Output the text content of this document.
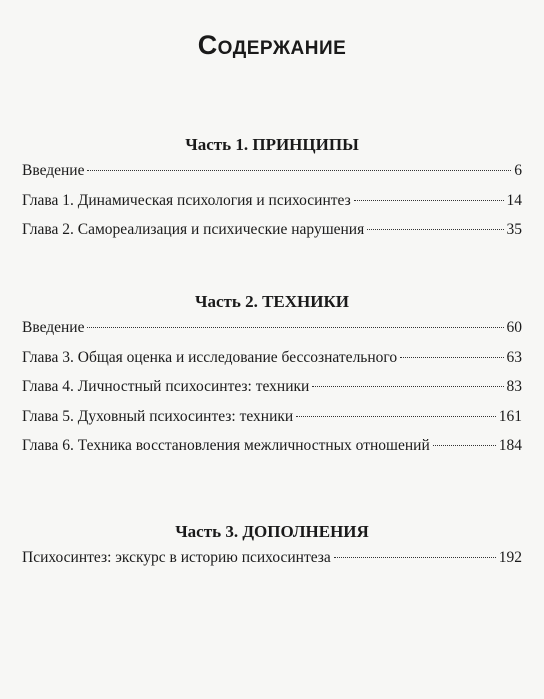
Содержание
Часть 1. ПРИНЦИПЫ
Введение	6
Глава 1. Динамическая психология и психосинтез	14
Глава 2. Самореализация и психические нарушения	35
Часть 2. ТЕХНИКИ
Введение	60
Глава 3. Общая оценка и исследование бессознательного	63
Глава 4. Личностный психосинтез: техники	83
Глава 5. Духовный психосинтез: техники	161
Глава 6. Техника восстановления межличностных отношений	184
Часть 3. ДОПОЛНЕНИЯ
Психосинтез: экскурс в историю психосинтеза	192
